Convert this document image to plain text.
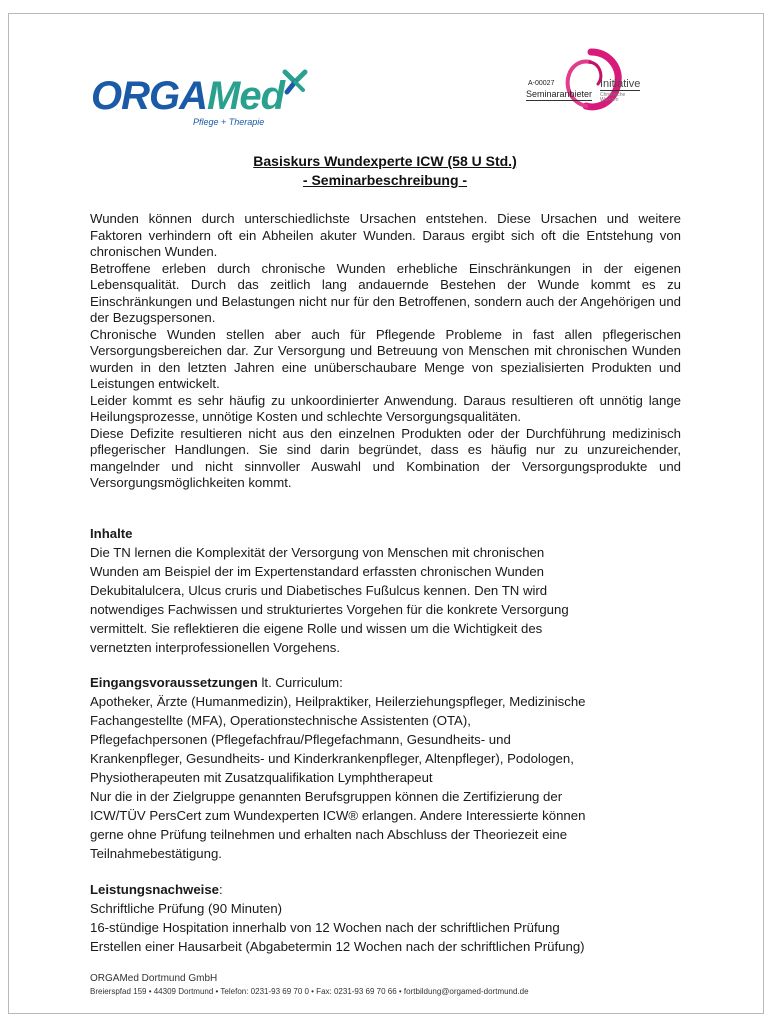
ORGAMed
Pflege + Therapie
A-00027
Seminaranbieter
Initiative
Chronische Wunden
Basiskurs Wundexperte ICW (58 U Std.)
- Seminarbeschreibung -

Wunden können durch unterschiedlichste Ursachen entstehen. Diese Ursachen und weitere Faktoren verhindern oft ein Abheilen akuter Wunden. Daraus ergibt sich oft die Entstehung von chronischen Wunden.

Betroffene erleben durch chronische Wunden erhebliche Einschränkungen in der eigenen Lebensqualität. Durch das zeitlich lang andauernde Bestehen der Wunde kommt es zu Einschränkungen und Belastungen nicht nur für den Betroffenen, sondern auch der Angehörigen und der Bezugspersonen.

Chronische Wunden stellen aber auch für Pflegende Probleme in fast allen pflegerischen Versorgungsbereichen dar. Zur Versorgung und Betreuung von Menschen mit chronischen Wunden wurden in den letzten Jahren eine unüberschaubare Menge von spezialisierten Produkten und Leistungen entwickelt.

Leider kommt es sehr häufig zu unkoordinierter Anwendung. Daraus resultieren oft unnötig lange Heilungsprozesse, unnötige Kosten und schlechte Versorgungsqualitäten.

Diese Defizite resultieren nicht aus den einzelnen Produkten oder der Durchführung medizinisch pflegerischer Handlungen. Sie sind darin begründet, dass es häufig nur zu unzureichender, mangelnder und nicht sinnvoller Auswahl und Kombination der Versorgungsprodukte und Versorgungsmöglichkeiten kommt.

Inhalte
Die TN lernen die Komplexität der Versorgung von Menschen mit chronischen
Wunden am Beispiel der im Expertenstandard erfassten chronischen Wunden
Dekubitalulcera, Ulcus cruris und Diabetisches Fußulcus kennen. Den TN wird
notwendiges Fachwissen und strukturiertes Vorgehen für die konkrete Versorgung
vermittelt. Sie reflektieren die eigene Rolle und wissen um die Wichtigkeit des
vernetzten interprofessionellen Vorgehens.
Eingangsvoraussetzungen lt. Curriculum:
Apotheker, Ärzte (Humanmedizin), Heilpraktiker, Heilerziehungspfleger, Medizinische
Fachangestellte (MFA), Operationstechnische Assistenten (OTA),
Pflegefachpersonen (Pflegefachfrau/Pflegefachmann, Gesundheits- und
Krankenpfleger, Gesundheits- und Kinderkrankenpfleger, Altenpfleger), Podologen,
Physiotherapeuten mit Zusatzqualifikation Lymphtherapeut
Nur die in der Zielgruppe genannten Berufsgruppen können die Zertifizierung der
ICW/TÜV PersCert zum Wundexperten ICW® erlangen. Andere Interessierte können
gerne ohne Prüfung teilnehmen und erhalten nach Abschluss der Theoriezeit eine
Teilnahmebestätigung.
Leistungsnachweise:
Schriftliche Prüfung (90 Minuten)
16-stündige Hospitation innerhalb von 12 Wochen nach der schriftlichen Prüfung
Erstellen einer Hausarbeit (Abgabetermin 12 Wochen nach der schriftlichen Prüfung)
ORGAMed Dortmund GmbH
Breierspfad 159 • 44309 Dortmund • Telefon: 0231-93 69 70 0 • Fax: 0231-93 69 70 66 • fortbildung@orgamed-dortmund.de
